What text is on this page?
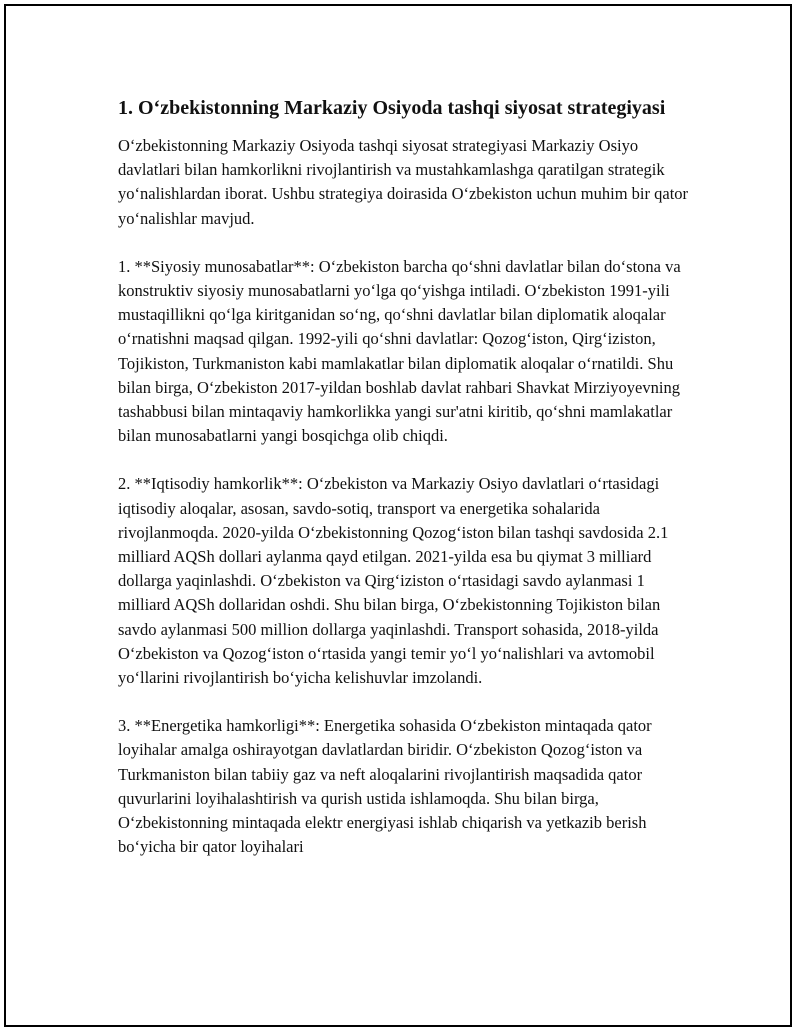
1. O‘zbekistonning Markaziy Osiyoda tashqi siyosat strategiyasi

O‘zbekistonning Markaziy Osiyoda tashqi siyosat strategiyasi Markaziy Osiyo davlatlari bilan hamkorlikni rivojlantirish va mustahkamlashga qaratilgan strategik yo‘nalishlardan iborat. Ushbu strategiya doirasida O‘zbekiston uchun muhim bir qator yo‘nalishlar mavjud.

1. **Siyosiy munosabatlar**: O‘zbekiston barcha qo‘shni davlatlar bilan do‘stona va konstruktiv siyosiy munosabatlarni yo‘lga qo‘yishga intiladi. O‘zbekiston 1991-yili mustaqillikni qo‘lga kiritganidan so‘ng, qo‘shni davlatlar bilan diplomatik aloqalar o‘rnatishni maqsad qilgan. 1992-yili qo‘shni davlatlar: Qozog‘iston, Qirg‘iziston, Tojikiston, Turkmaniston kabi mamlakatlar bilan diplomatik aloqalar o‘rnatildi. Shu bilan birga, O‘zbekiston 2017-yildan boshlab davlat rahbari Shavkat Mirziyoyevning tashabbusi bilan mintaqaviy hamkorlikka yangi sur'atni kiritib, qo‘shni mamlakatlar bilan munosabatlarni yangi bosqichga olib chiqdi.

2. **Iqtisodiy hamkorlik**: O‘zbekiston va Markaziy Osiyo davlatlari o‘rtasidagi iqtisodiy aloqalar, asosan, savdo-sotiq, transport va energetika sohalarida rivojlanmoqda. 2020-yilda O‘zbekistonning Qozog‘iston bilan tashqi savdosida 2.1 milliard AQSh dollari aylanma qayd etilgan. 2021-yilda esa bu qiymat 3 milliard dollarga yaqinlashdi. O‘zbekiston va Qirg‘iziston o‘rtasidagi savdo aylanmasi 1 milliard AQSh dollaridan oshdi. Shu bilan birga, O‘zbekistonning Tojikiston bilan savdo aylanmasi 500 million dollarga yaqinlashdi. Transport sohasida, 2018-yilda O‘zbekiston va Qozog‘iston o‘rtasida yangi temir yo‘l yo‘nalishlari va avtomobil yo‘llarini rivojlantirish bo‘yicha kelishuvlar imzolandi.

3. **Energetika hamkorligi**: Energetika sohasida O‘zbekiston mintaqada qator loyihalar amalga oshirayotgan davlatlardan biridir. O‘zbekiston Qozog‘iston va Turkmaniston bilan tabiiy gaz va neft aloqalarini rivojlantirish maqsadida qator quvurlarini loyihalashtirish va qurish ustida ishlamoqda. Shu bilan birga, O‘zbekistonning mintaqada elektr energiyasi ishlab chiqarish va yetkazib berish bo‘yicha bir qator loyihalari
